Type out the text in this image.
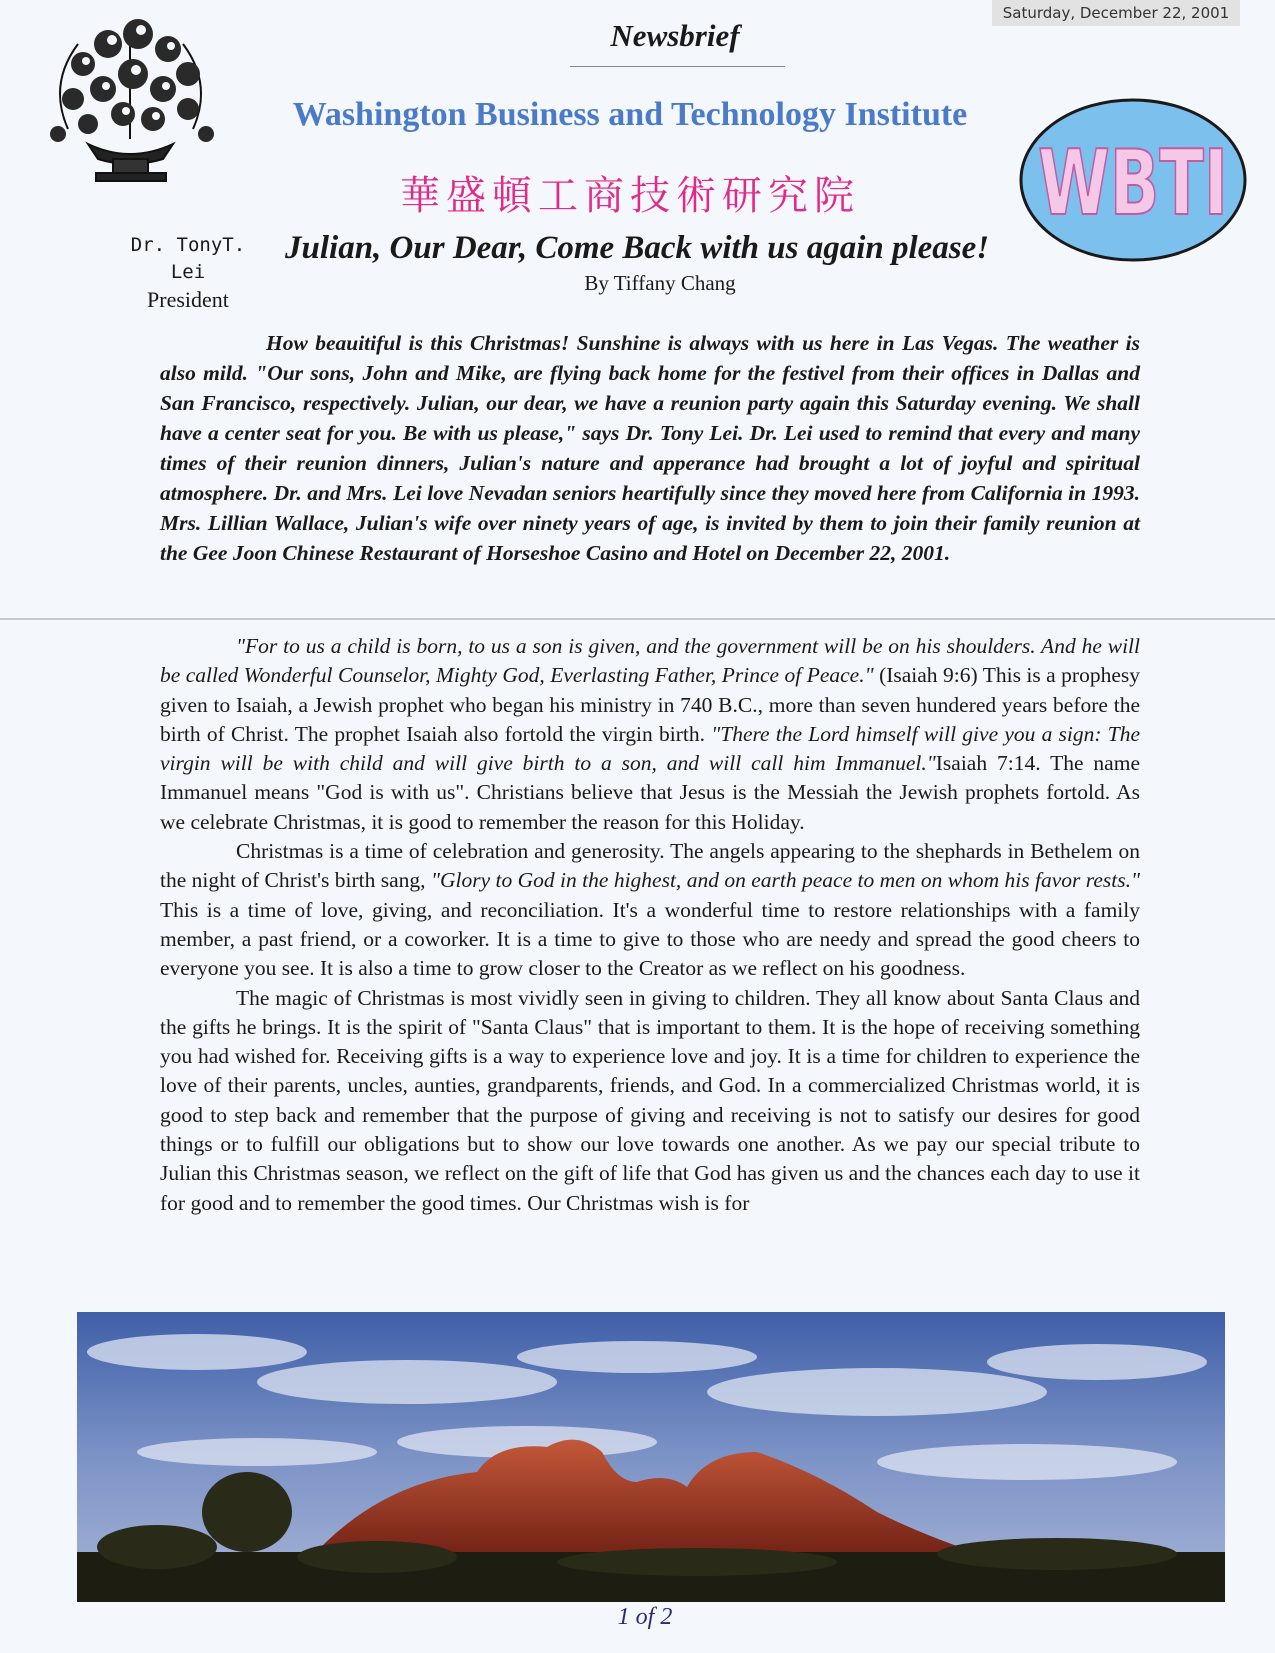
Saturday, December 22, 2001
Newsbrief
Washington Business and Technology Institute
華盛頓工商技術研究院	WBTI
Dr. TonyT. Lei
President
Julian, Our Dear, Come Back with us again please!
By Tiffany Chang

How beauitiful is this Christmas! Sunshine is always with us here in Las Vegas. The weather is also mild. "Our sons, John and Mike, are flying back home for the festivel from their offices in Dallas and San Francisco, respectively. Julian, our dear, we have a reunion party again this Saturday evening. We shall have a center seat for you. Be with us please," says Dr. Tony Lei. Dr. Lei used to remind that every and many times of their reunion dinners, Julian's nature and apperance had brought a lot of joyful and spiritual atmosphere. Dr. and Mrs. Lei love Nevadan seniors heartifully since they moved here from California in 1993. Mrs. Lillian Wallace, Julian's wife over ninety years of age, is invited by them to join their family reunion at the Gee Joon Chinese Restaurant of Horseshoe Casino and Hotel on December 22, 2001.

"For to us a child is born, to us a son is given, and the government will be on his shoulders. And he will be called Wonderful Counselor, Mighty God, Everlasting Father, Prince of Peace." (Isaiah 9:6) This is a prophesy given to Isaiah, a Jewish prophet who began his ministry in 740 B.C., more than seven hundered years before the birth of Christ. The prophet Isaiah also fortold the virgin birth. "There the Lord himself will give you a sign: The virgin will be with child and will give birth to a son, and will call him Immanuel."Isaiah 7:14. The name Immanuel means "God is with us". Christians believe that Jesus is the Messiah the Jewish prophets fortold. As we celebrate Christmas, it is good to remember the reason for this Holiday.

Christmas is a time of celebration and generosity. The angels appearing to the shephards in Bethelem on the night of Christ's birth sang, "Glory to God in the highest, and on earth peace to men on whom his favor rests." This is a time of love, giving, and reconciliation. It's a wonderful time to restore relationships with a family member, a past friend, or a coworker. It is a time to give to those who are needy and spread the good cheers to everyone you see. It is also a time to grow closer to the Creator as we reflect on his goodness.

The magic of Christmas is most vividly seen in giving to children. They all know about Santa Claus and the gifts he brings. It is the spirit of "Santa Claus" that is important to them. It is the hope of receiving something you had wished for. Receiving gifts is a way to experience love and joy. It is a time for children to experience the love of their parents, uncles, aunties, grandparents, friends, and God. In a commercialized Christmas world, it is good to step back and remember that the purpose of giving and receiving is not to satisfy our desires for good things or to fulfill our obligations but to show our love towards one another. As we pay our special tribute to Julian this Christmas season, we reflect on the gift of life that God has given us and the chances each day to use it for good and to remember the good times. Our Christmas wish is for

1 of 2
